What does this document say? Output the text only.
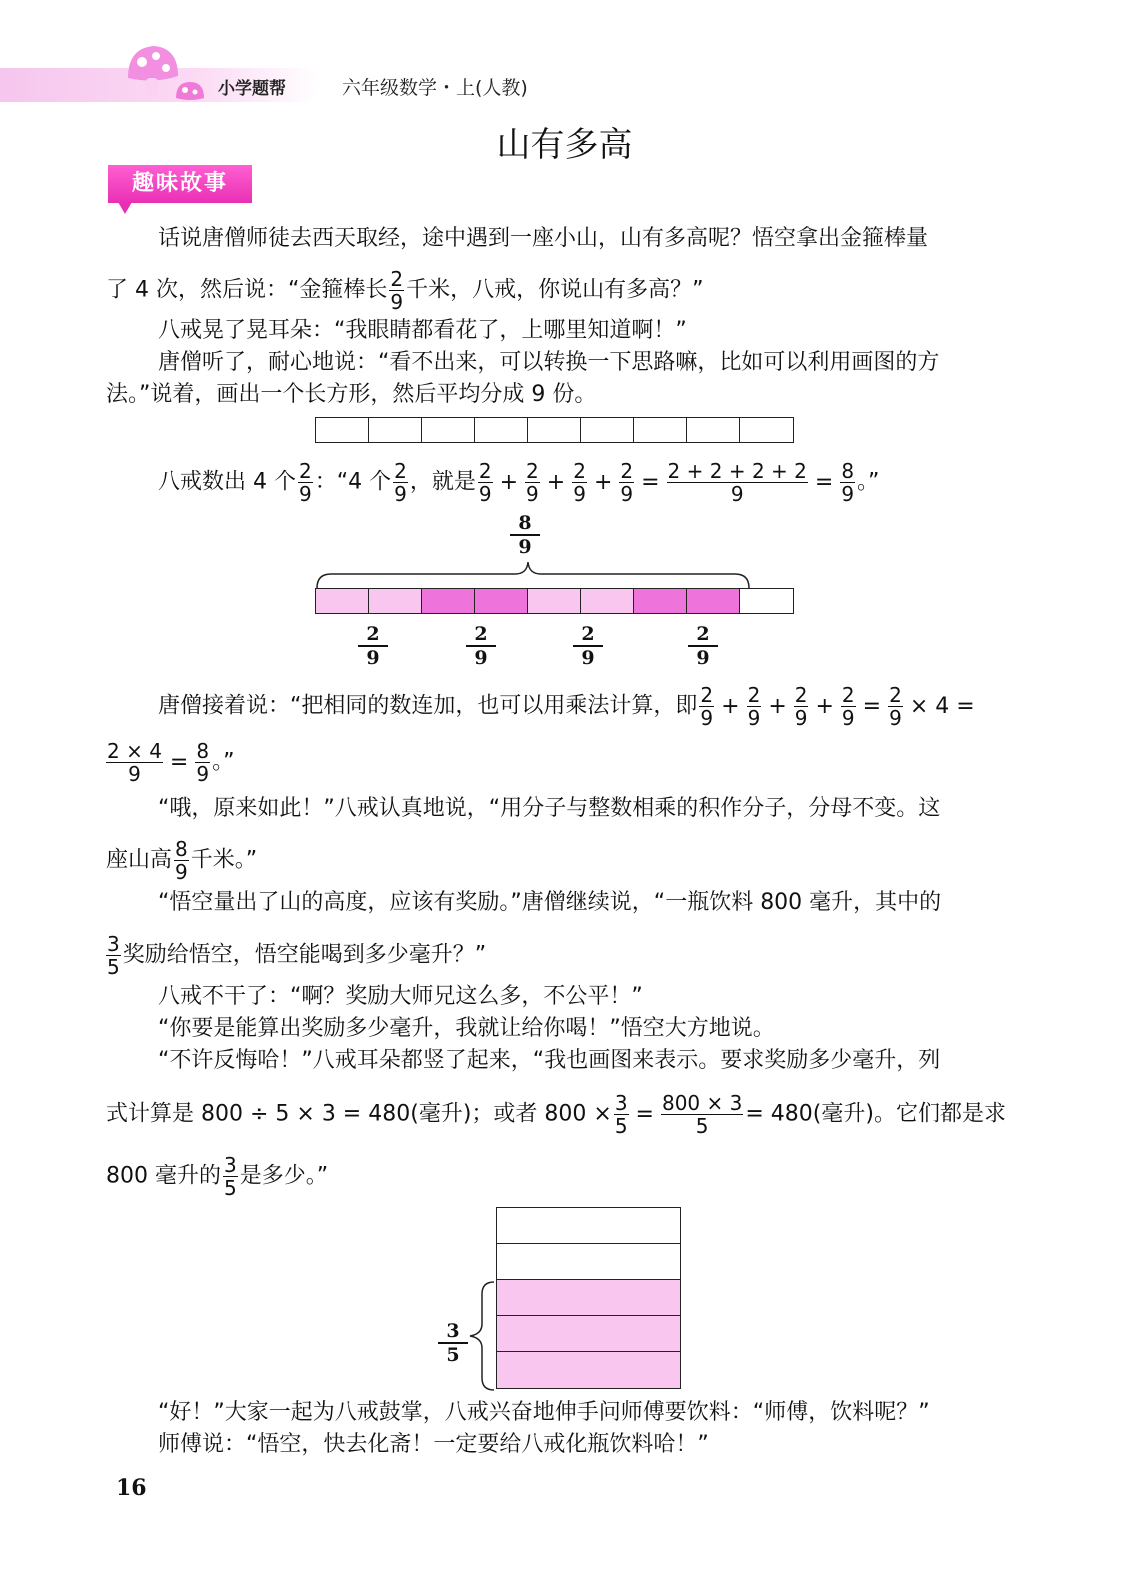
小学题帮	六年级数学・上(人教)
山有多高
趣味故事
话说唐僧师徒去西天取经，途中遇到一座小山，山有多高呢？悟空拿出金箍棒量
了 4 次，然后说：“金箍棒长 $\frac{2}{9}$ 千米，八戒，你说山有多高？”
八戒晃了晃耳朵：“我眼睛都看花了，上哪里知道啊！”
唐僧听了，耐心地说：“看不出来，可以转换一下思路嘛，比如可以利用画图的方
法。”说着，画出一个长方形，然后平均分成 9 份。
八戒数出 4 个 $\frac{2}{9}$ ：“4 个 $\frac{2}{9}$ ，就是 $\frac{2}{9} + \frac{2}{9} + \frac{2}{9} + \frac{2}{9} = \frac{2 + 2 + 2 + 2}{9} = \frac{8}{9}$ 。”
8
9
2
9
2
9
2
9
2
9
唐僧接着说：“把相同的数连加，也可以用乘法计算，即 $\frac{2}{9} + \frac{2}{9} + \frac{2}{9} + \frac{2}{9} = \frac{2}{9} \times 4$ =
$\frac{2 \times 4}{9} = \frac{8}{9}$ 。”
“哦，原来如此！”八戒认真地说，“用分子与整数相乘的积作分子，分母不变。这
座山高 $\frac{8}{9}$ 千米。”
“悟空量出了山的高度，应该有奖励。”唐僧继续说，“一瓶饮料 800 毫升，其中的
$\frac{3}{5}$ 奖励给悟空，悟空能喝到多少毫升？”
八戒不干了：“啊？奖励大师兄这么多，不公平！”
“你要是能算出奖励多少毫升，我就让给你喝！”悟空大方地说。
“不许反悔哈！”八戒耳朵都竖了起来，“我也画图来表示。要求奖励多少毫升，列
式计算是 800 ÷ 5 × 3 = 480(毫升)；或者 $800 \times \frac{3}{5} = \frac{800 \times 3}{5} = 480$(毫升)。它们都是求
800 毫升的 $\frac{3}{5}$ 是多少。”
3
5
“好！”大家一起为八戒鼓掌，八戒兴奋地伸手问师傅要饮料：“师傅，饮料呢？”
师傅说：“悟空，快去化斋！一定要给八戒化瓶饮料哈！”
16
